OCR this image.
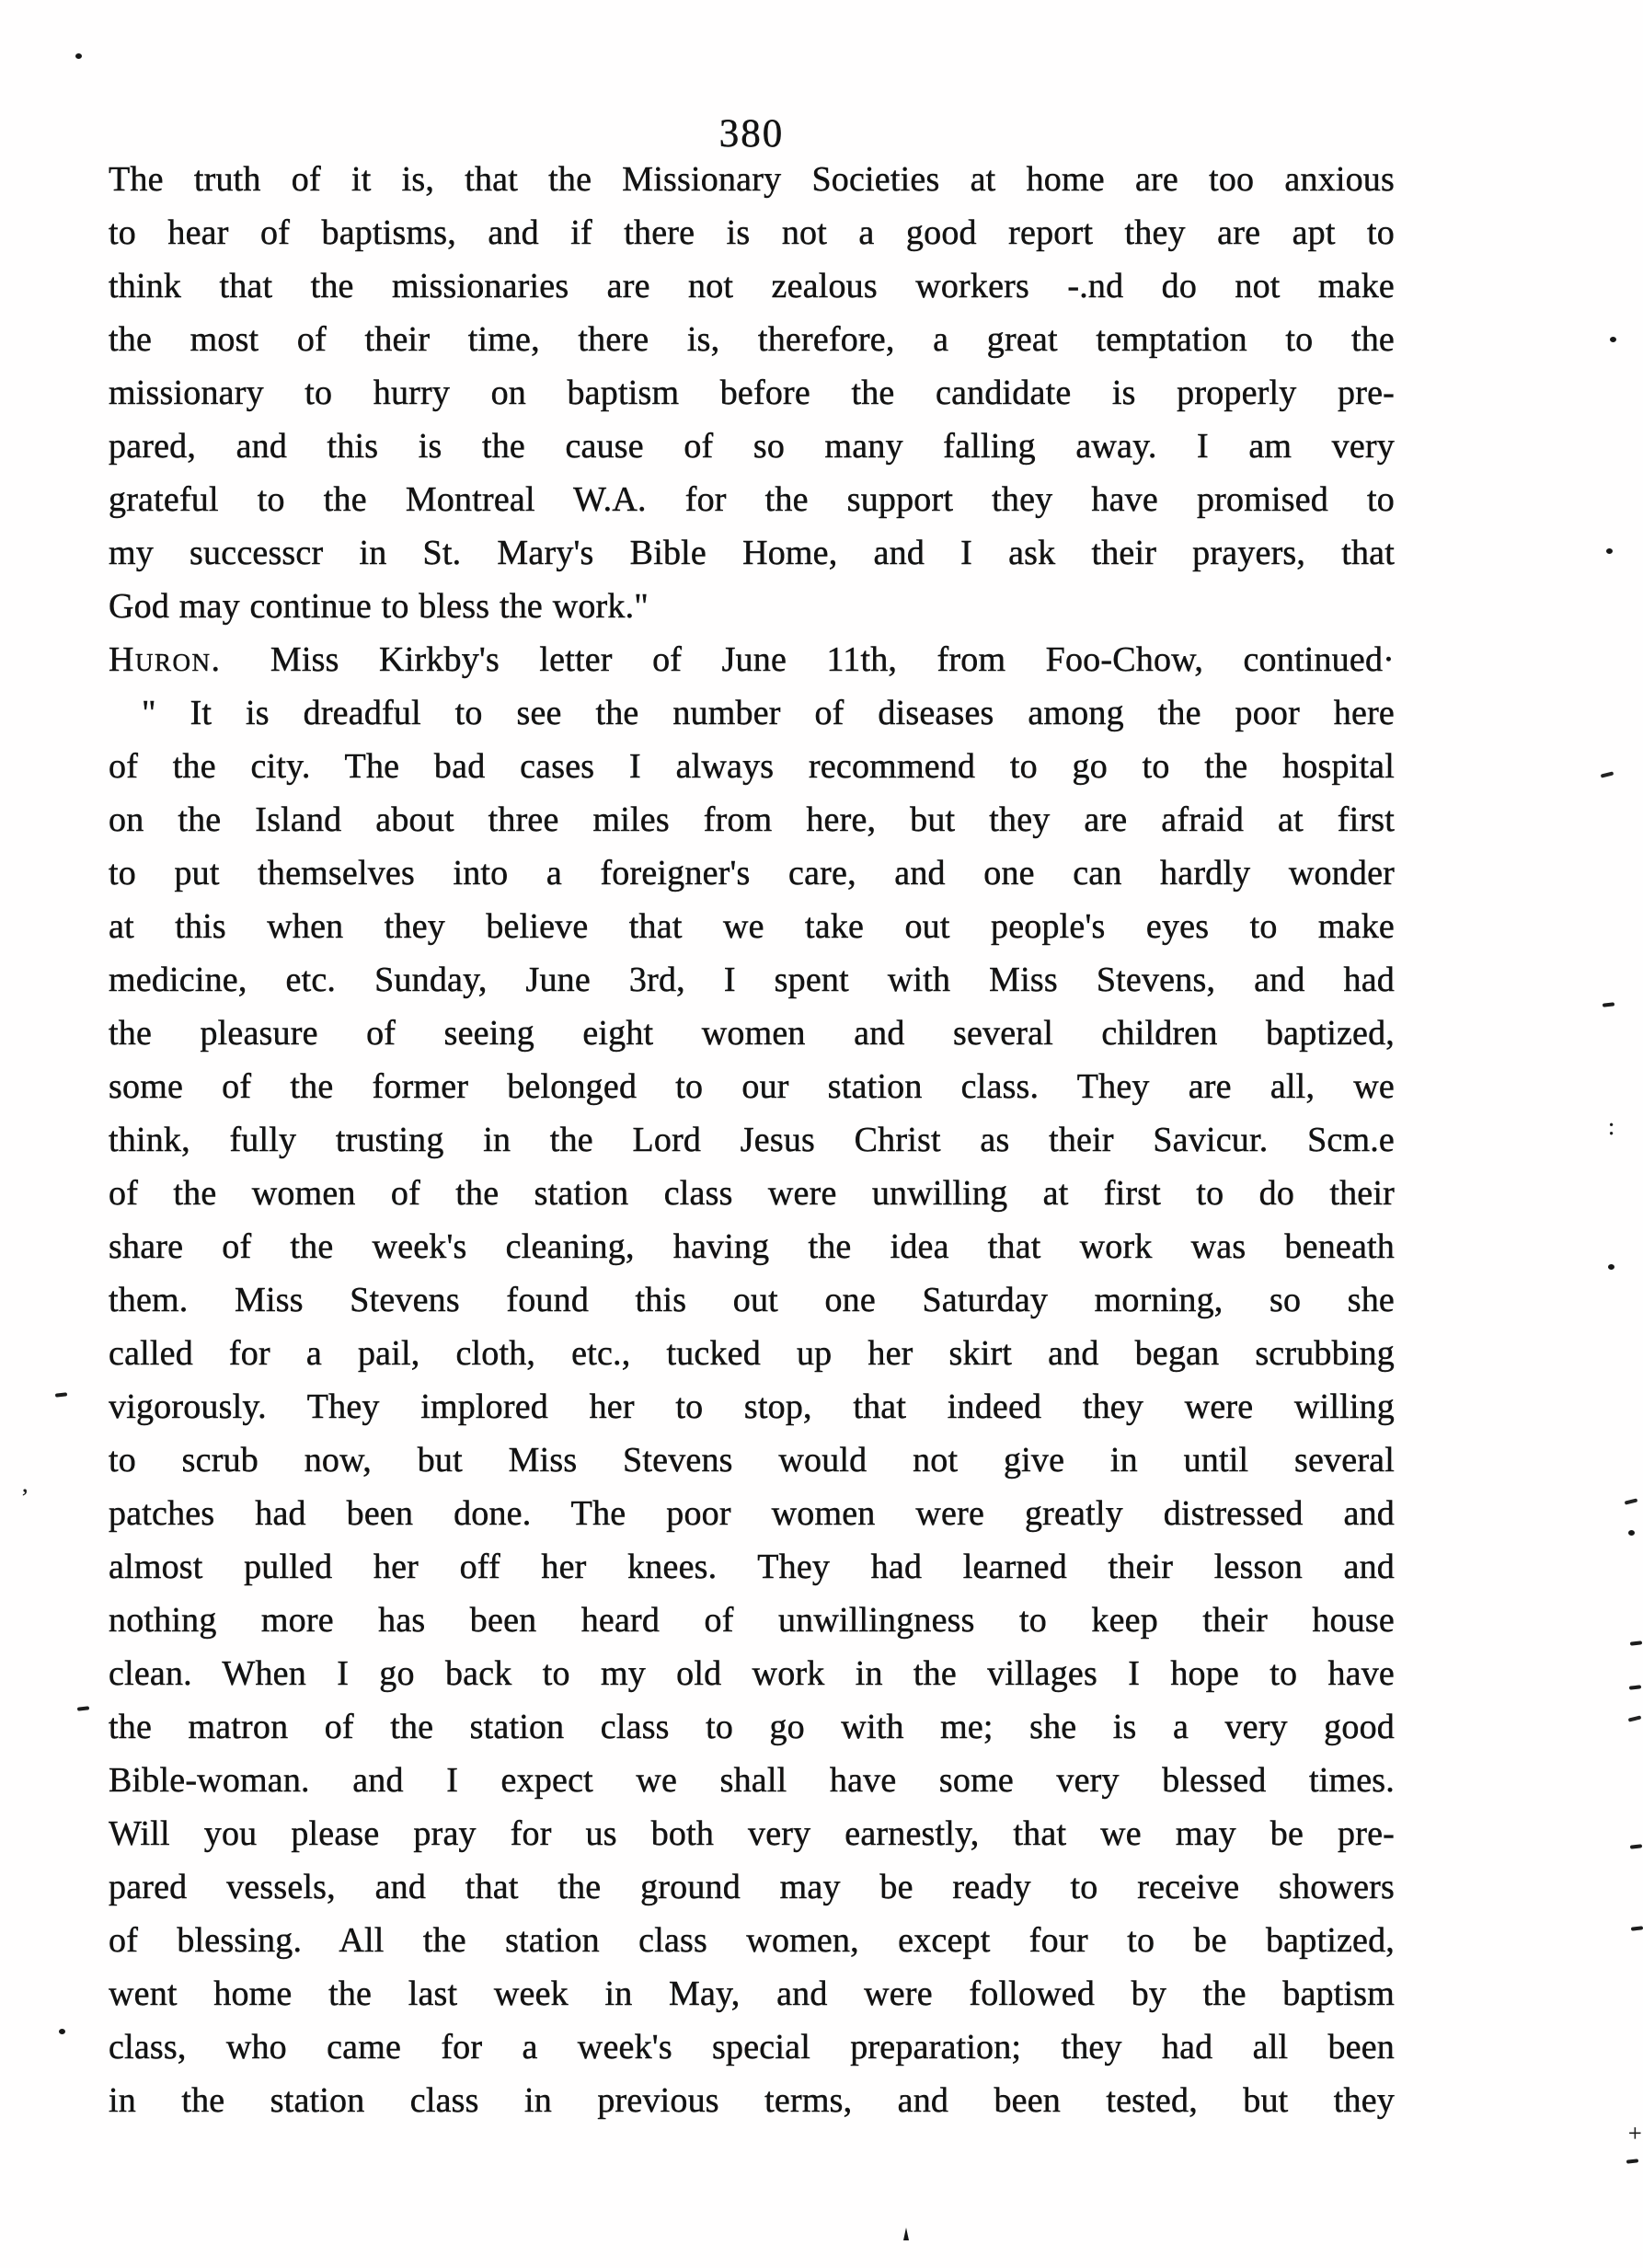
380
The truth of it is, that the Missionary Societies at home are too anxious
to hear of baptisms, and if there is not a good report they are apt to
think that the missionaries are not zealous workers -.nd do not make
the most of their time, there is, therefore, a great temptation to the
missionary to hurry on baptism before the candidate is properly pre-
pared, and this is the cause of so many falling away. I am very
grateful to the Montreal W.A. for the support they have promised to
my successcr in St. Mary's Bible Home, and I ask their prayers, that
God may continue to bless the work."
Huron. Miss Kirkby's letter of June 11th, from Foo-Chow, continued·
" It is dreadful to see the number of diseases among the poor here
of the city. The bad cases I always recommend to go to the hospital
on the Island about three miles from here, but they are afraid at first
to put themselves into a foreigner's care, and one can hardly wonder
at this when they believe that we take out people's eyes to make
medicine, etc. Sunday, June 3rd, I spent with Miss Stevens, and had
the pleasure of seeing eight women and several children baptized,
some of the former belonged to our station class. They are all, we
think, fully trusting in the Lord Jesus Christ as their Savicur. Scm.e
of the women of the station class were unwilling at first to do their
share of the week's cleaning, having the idea that work was beneath
them. Miss Stevens found this out one Saturday morning, so she
called for a pail, cloth, etc., tucked up her skirt and began scrubbing
vigorously. They implored her to stop, that indeed they were willing
to scrub now, but Miss Stevens would not give in until several
patches had been done. The poor women were greatly distressed and
almost pulled her off her knees. They had learned their lesson and
nothing more has been heard of unwillingness to keep their house
clean. When I go back to my old work in the villages I hope to have
the matron of the station class to go with me; she is a very good
Bible-woman. and I expect we shall have some very blessed times.
Will you please pray for us both very earnestly, that we may be pre-
pared vessels, and that the ground may be ready to receive showers
of blessing. All the station class women, except four to be baptized,
went home the last week in May, and were followed by the baptism
class, who came for a week's special preparation; they had all been
in the station class in previous terms, and been tested, but they
:
,
+
